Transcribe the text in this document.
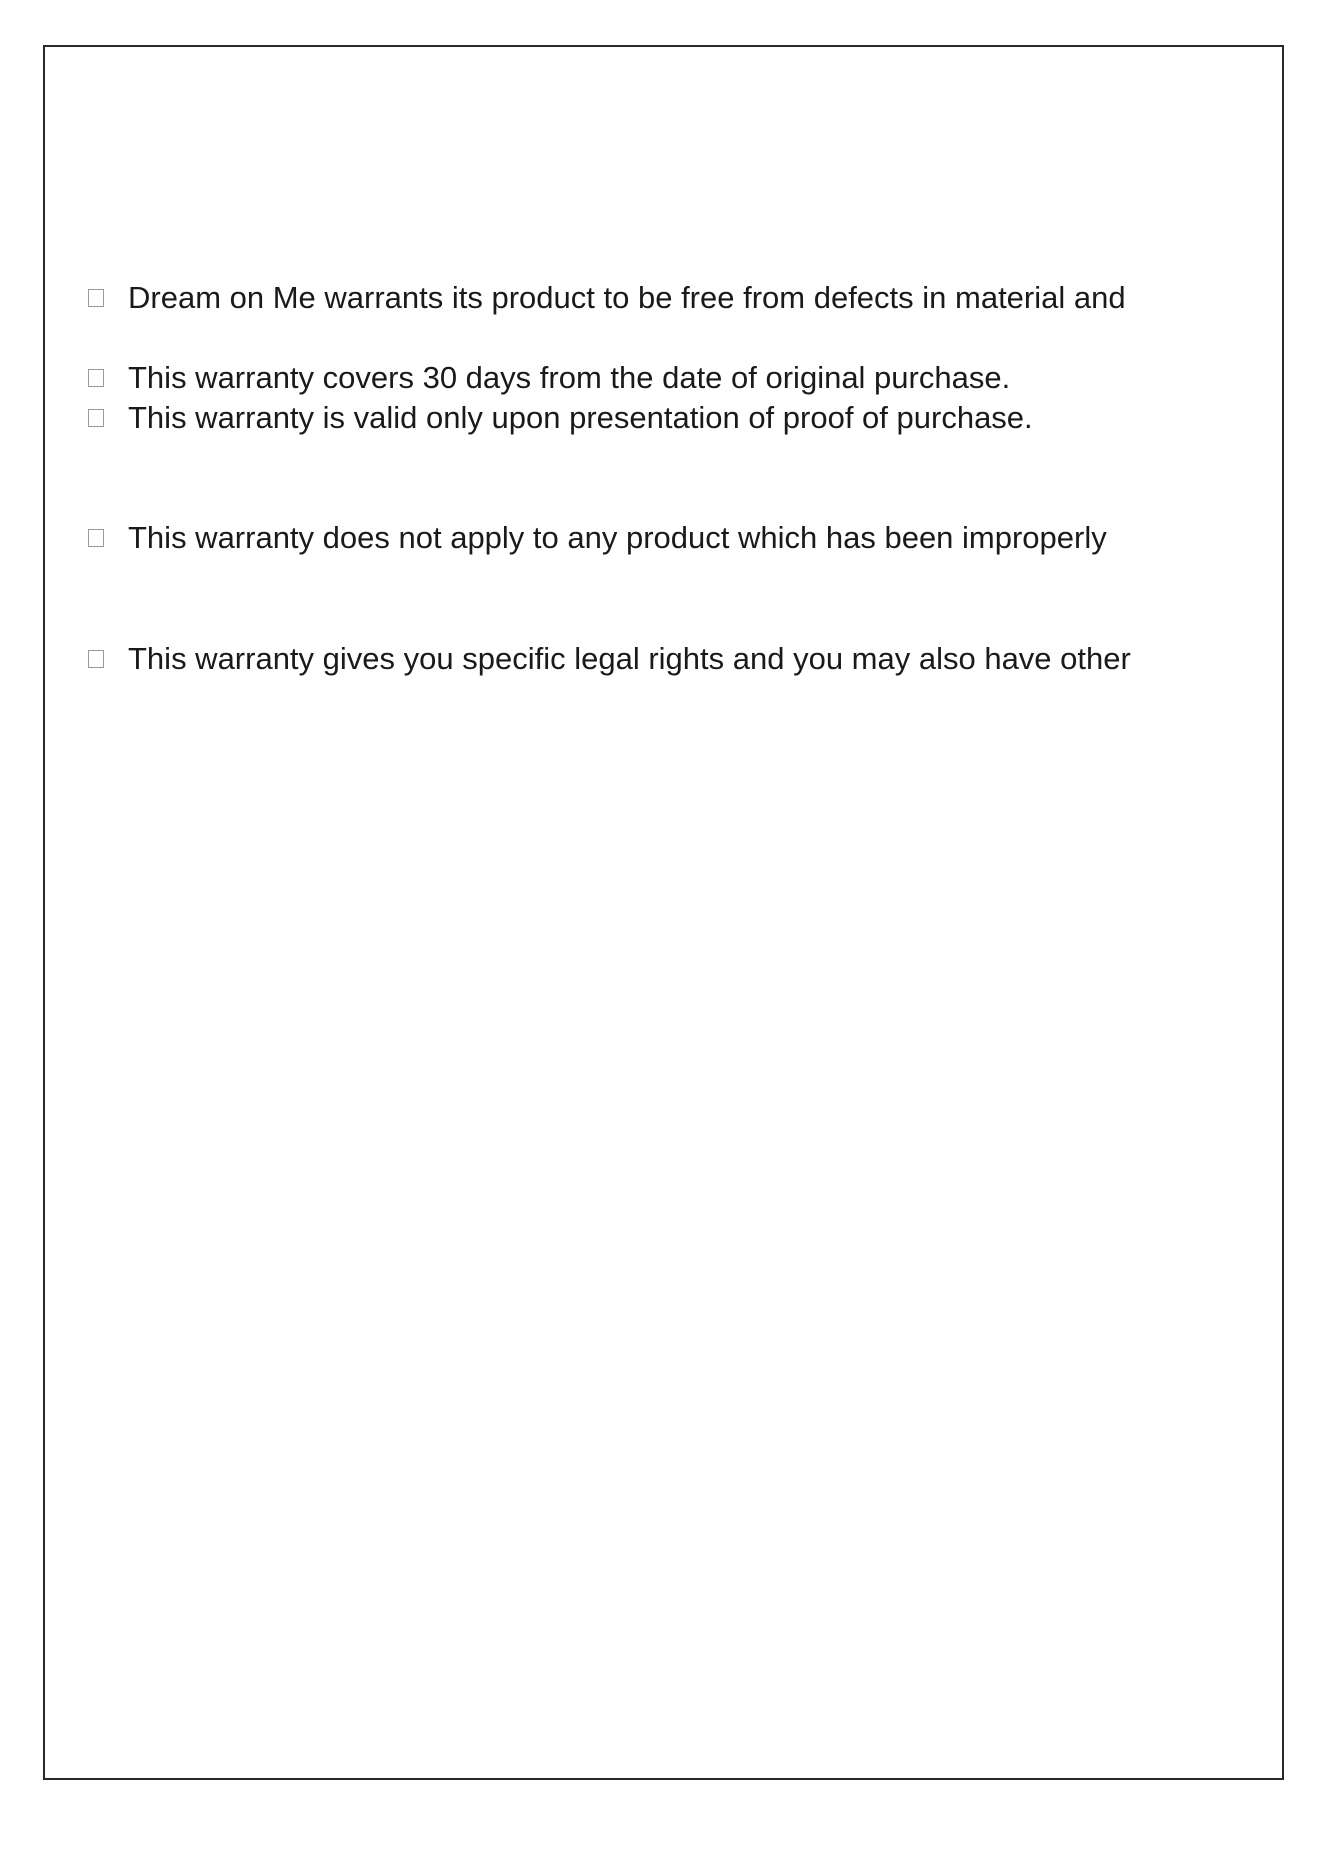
Dream on Me warrants its product to be free from defects in material and
This warranty covers 30 days from the date of original purchase.
This warranty is valid only upon presentation of proof of purchase.
This warranty does not apply to any product which has been improperly
This warranty gives you specific legal rights and you may also have other
